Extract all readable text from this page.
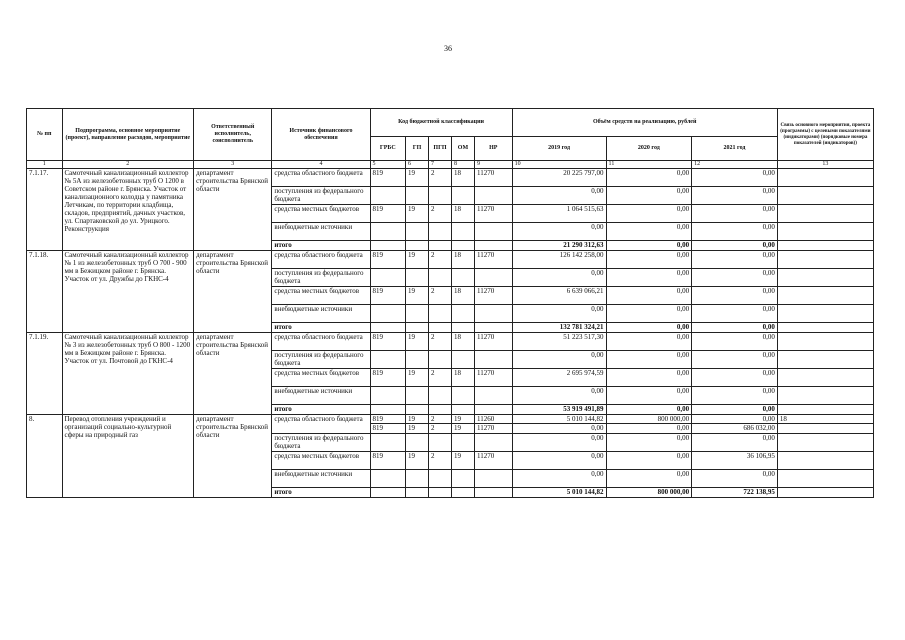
36
№ пп	Подпрограмма, основное мероприятие (проект), направление расходов, мероприятие	Ответственный исполнитель, соисполнитель	Источник финансового обеспечения	Код бюджетной классификации					Объём средств на реализацию, рублей			Связь основного мероприятия, проекта (программы) с целевыми показателями (индикаторами) (порядковые номера показателей (индикаторов))
				ГРБС	ГП	ПГП	ОМ	НР	2019 год	2020 год	2021 год	
1	2	3	4	5	6	7	8	9	10	11	12	13
7.1.17.	Самотечный канализационный коллектор № 5А из железобетонных труб О 1200 в Советском районе г. Брянска. Участок от канализационного колодца у памятника Летчикам, по территории кладбища, складов, предприятий, дачных участков, ул. Спартаковской до ул. Урицкого. Реконструкция	департамент строительства Брянской области	средства областного бюджета	819	19	2	18	11270	20 225 797,00	0,00	0,00	
			поступления из федерального бюджета						0,00	0,00	0,00	
			средства местных бюджетов	819	19	2	18	11270	1 064 515,63	0,00	0,00	
			внебюджетные источники						0,00	0,00	0,00	
			итого						21 290 312,63	0,00	0,00	
7.1.18.	Самотечный канализационный коллектор № 1 из железобетонных труб О 700 - 900 мм в Бежицком районе г. Брянска. Участок от ул. Дружбы до ГКНС-4	департамент строительства Брянской области	средства областного бюджета	819	19	2	18	11270	126 142 258,00	0,00	0,00	
			поступления из федерального бюджета						0,00	0,00	0,00	
			средства местных бюджетов	819	19	2	18	11270	6 639 066,21	0,00	0,00	
			внебюджетные источники						0,00	0,00	0,00	
			итого						132 781 324,21	0,00	0,00	
7.1.19.	Самотечный канализационный коллектор № 3 из железобетонных труб О 800 - 1200 мм в Бежицком районе г. Брянска. Участок от ул. Почтовой до ГКНС-4	департамент строительства Брянской области	средства областного бюджета	819	19	2	18	11270	51 223 517,30	0,00	0,00	
			поступления из федерального бюджета						0,00	0,00	0,00	
			средства местных бюджетов	819	19	2	18	11270	2 695 974,59	0,00	0,00	
			внебюджетные источники						0,00	0,00	0,00	
			итого						53 919 491,89	0,00	0,00	
8.	Перевод отопления учреждений и организаций социально-культурной сферы на природный газ	департамент строительства Брянской области	средства областного бюджета	819	19	2	19	11260	5 010 144,82	800 000,00	0,00	18
				819	19	2	19	11270	0,00	0,00	686 032,00	
			поступления из федерального бюджета						0,00	0,00	0,00	
			средства местных бюджетов	819	19	2	19	11270	0,00	0,00	36 106,95	
			внебюджетные источники						0,00	0,00	0,00	
			итого						5 010 144,82	800 000,00	722 138,95	
